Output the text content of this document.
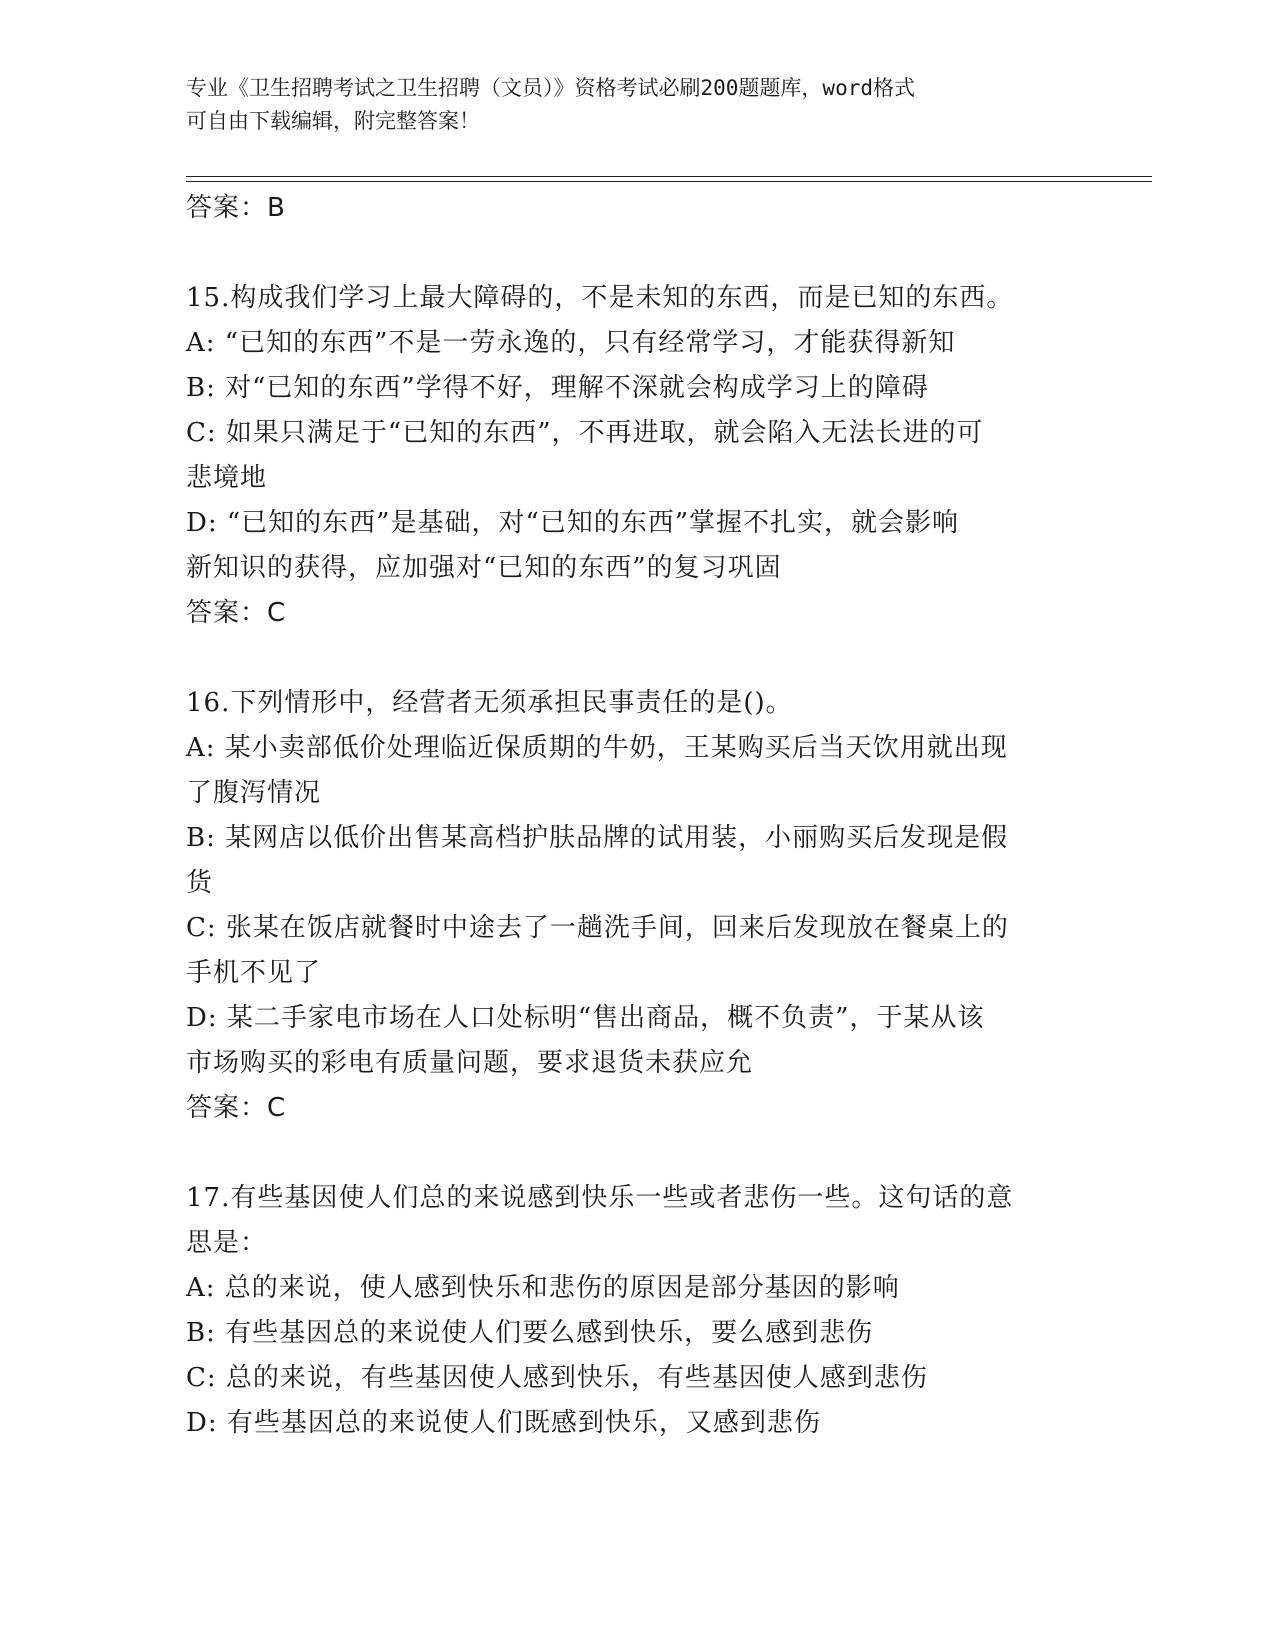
专业《卫生招聘考试之卫生招聘（文员）》资格考试必刷200题题库，word格式
可自由下载编辑，附完整答案！
答案：B
15.构成我们学习上最大障碍的，不是未知的东西，而是已知的东西。
A: “已知的东西”不是一劳永逸的，只有经常学习，才能获得新知
B: 对“已知的东西”学得不好，理解不深就会构成学习上的障碍
C: 如果只满足于“已知的东西”，不再进取，就会陷入无法长进的可
悲境地
D: “已知的东西”是基础，对“已知的东西”掌握不扎实，就会影响
新知识的获得，应加强对“已知的东西”的复习巩固
答案：C
16.下列情形中，经营者无须承担民事责任的是()。
A: 某小卖部低价处理临近保质期的牛奶，王某购买后当天饮用就出现
了腹泻情况
B: 某网店以低价出售某高档护肤品牌的试用装，小丽购买后发现是假
货
C: 张某在饭店就餐时中途去了一趟洗手间，回来后发现放在餐桌上的
手机不见了
D: 某二手家电市场在人口处标明“售出商品，概不负责”，于某从该
市场购买的彩电有质量问题，要求退货未获应允
答案：C
17.有些基因使人们总的来说感到快乐一些或者悲伤一些。这句话的意
思是：
A: 总的来说，使人感到快乐和悲伤的原因是部分基因的影响
B: 有些基因总的来说使人们要么感到快乐，要么感到悲伤
C: 总的来说，有些基因使人感到快乐，有些基因使人感到悲伤
D: 有些基因总的来说使人们既感到快乐，又感到悲伤
